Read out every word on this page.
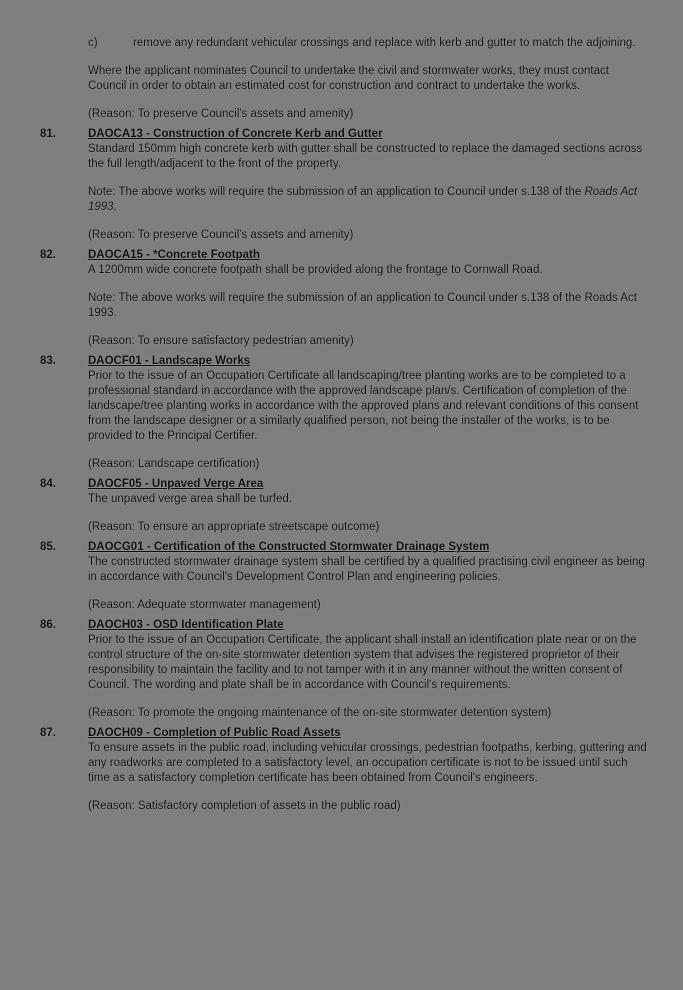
c)	remove any redundant vehicular crossings and replace with kerb and gutter to match the adjoining.

Where the applicant nominates Council to undertake the civil and stormwater works, they must contact Council in order to obtain an estimated cost for construction and contract to undertake the works.

(Reason: To preserve Council's assets and amenity)

81.	DAOCA13 - Construction of Concrete Kerb and Gutter

Standard 150mm high concrete kerb with gutter shall be constructed to replace the damaged sections across the full length/adjacent to the front of the property.

Note: The above works will require the submission of an application to Council under s.138 of the Roads Act 1993.

(Reason: To preserve Council's assets and amenity)

82.	DAOCA15 - *Concrete Footpath

A 1200mm wide concrete footpath shall be provided along the frontage to Cornwall Road.

Note: The above works will require the submission of an application to Council under s.138 of the Roads Act 1993.

(Reason: To ensure satisfactory pedestrian amenity)

83.	DAOCF01 - Landscape Works

Prior to the issue of an Occupation Certificate all landscaping/tree planting works are to be completed to a professional standard in accordance with the approved landscape plan/s. Certification of completion of the landscape/tree planting works in accordance with the approved plans and relevant conditions of this consent from the landscape designer or a similarly qualified person, not being the installer of the works, is to be provided to the Principal Certifier.

(Reason: Landscape certification)

84.	DAOCF05 - Unpaved Verge Area

The unpaved verge area shall be turfed.

(Reason: To ensure an appropriate streetscape outcome)

85.	DAOCG01 - Certification of the Constructed Stormwater Drainage System

The constructed stormwater drainage system shall be certified by a qualified practising civil engineer as being in accordance with Council's Development Control Plan and engineering policies.

(Reason: Adequate stormwater management)

86.	DAOCH03 - OSD Identification Plate

Prior to the issue of an Occupation Certificate, the applicant shall install an identification plate near or on the control structure of the on-site stormwater detention system that advises the registered proprietor of their responsibility to maintain the facility and to not tamper with it in any manner without the written consent of Council. The wording and plate shall be in accordance with Council's requirements.

(Reason: To promote the ongoing maintenance of the on-site stormwater detention system)

87.	DAOCH09 - Completion of Public Road Assets

To ensure assets in the public road, including vehicular crossings, pedestrian footpaths, kerbing, guttering and any roadworks are completed to a satisfactory level, an occupation certificate is not to be issued until such time as a satisfactory completion certificate has been obtained from Council's engineers.

(Reason: Satisfactory completion of assets in the public road)
